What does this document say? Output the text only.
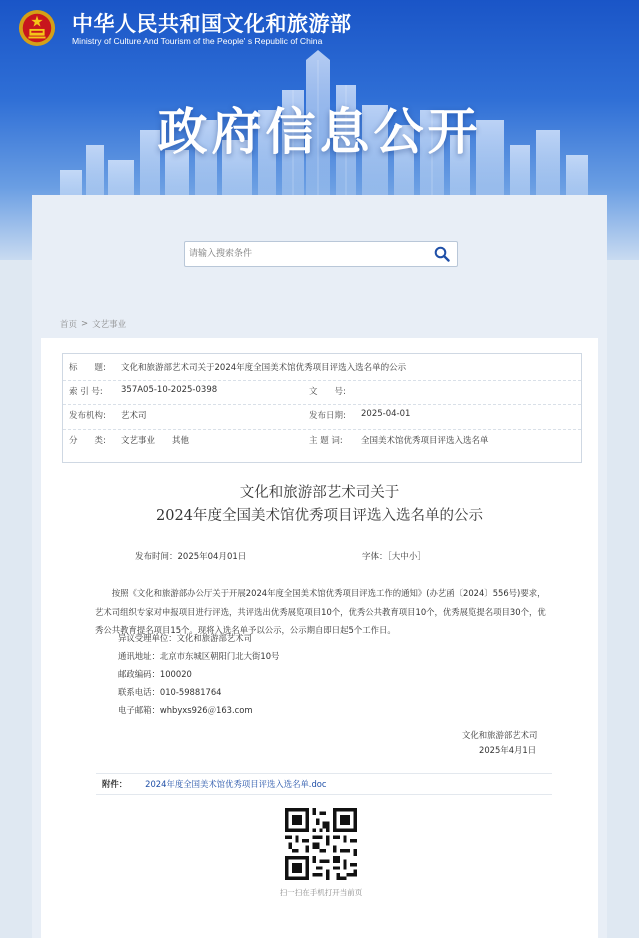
中华人民共和国文化和旅游部
Ministry of Culture And Tourism of the People' s Republic of China
政府信息公开
请输入搜索条件
首页 > 文艺事业
标　　题: 文化和旅游部艺术司关于2024年度全国美术馆优秀项目评选入选名单的公示
索 引 号: 357A05-10-2025-0398	文　　号:
发布机构: 艺术司	发布日期: 2025-04-01
分　　类: 文艺事业　　其他	主 题 词: 全国美术馆优秀项目评选入选名单
文化和旅游部艺术司关于
2024年度全国美术馆优秀项目评选入选名单的公示
发布时间：2025年04月01日	字体：［大中小］
按照《文化和旅游部办公厅关于开展2024年度全国美术馆优秀项目评选工作的通知》(办艺函〔2024〕556号)要求，艺术司组织专家对申报项目进行评选，共评选出优秀展览项目10个，优秀公共教育项目10个，优秀展览提名项目30个，优秀公共教育提名项目15个。现将入选名单予以公示，公示期自即日起5个工作日。
异议受理单位：文化和旅游部艺术司
通讯地址：北京市东城区朝阳门北大街10号
邮政编码：100020
联系电话：010-59881764
电子邮箱：whbyxs926＠163.com
文化和旅游部艺术司
2025年4月1日
附件： 2024年度全国美术馆优秀项目评选入选名单.doc
扫一扫在手机打开当前页
